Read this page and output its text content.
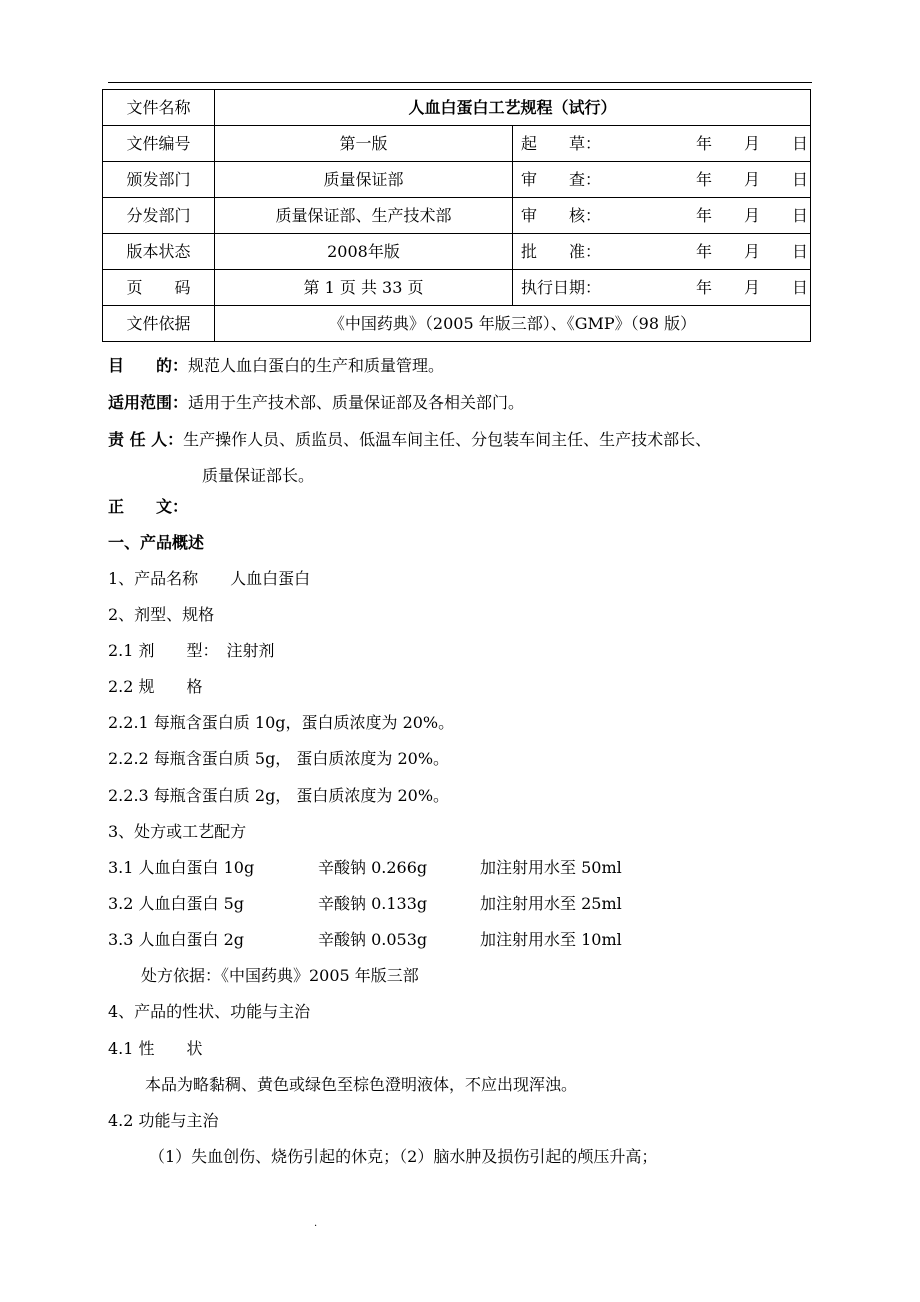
文件名称	人血白蛋白工艺规程（试行）	
文件编号	第一版	起　　草： 年　　月　　日

颁发部门	质量保证部	审　　查： 年　　月　　日

分发部门	质量保证部、生产技术部	审　　核： 年　　月　　日

版本状态	2008年版	批　　准： 年　　月　　日

页　　码	第 1 页 共 33 页	执行日期： 年　　月　　日

文件依据	《中国药典》（2005 年版三部）、《GMP》（98 版）	
目　　的：规范人血白蛋白的生产和质量管理。
适用范围：适用于生产技术部、质量保证部及各相关部门。
责 任 人：生产操作人员、质监员、低温车间主任、分包装车间主任、生产技术部长、
质量保证部长。
正　　文：
一、产品概述
1、产品名称　　人血白蛋白
2、剂型、规格
2.1 剂　　型：　注射剂
2.2 规　　格
2.2.1 每瓶含蛋白质 10g，蛋白质浓度为 20%。
2.2.2 每瓶含蛋白质 5g， 蛋白质浓度为 20%。
2.2.3 每瓶含蛋白质 2g， 蛋白质浓度为 20%。
3、处方或工艺配方
3.1 人血白蛋白 10g	辛酸钠 0.266g	加注射用水至 50ml
3.2 人血白蛋白 5g	辛酸钠 0.133g	加注射用水至 25ml
3.3 人血白蛋白 2g	辛酸钠 0.053g	加注射用水至 10ml
处方依据：《中国药典》2005 年版三部
4、产品的性状、功能与主治
4.1 性　　状
本品为略黏稠、黄色或绿色至棕色澄明液体，不应出现浑浊。
4.2 功能与主治
（1）失血创伤、烧伤引起的休克；（2）脑水肿及损伤引起的颅压升高；
.
